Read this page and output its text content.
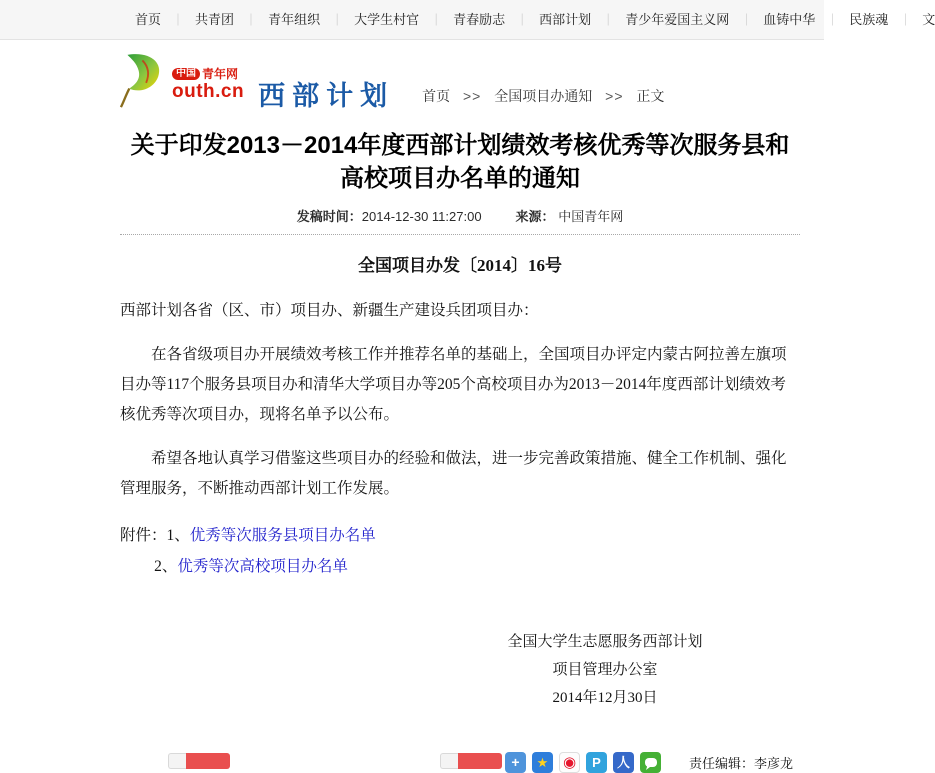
首页 ｜ 共青团 ｜ 青年组织 ｜ 大学生村官 ｜ 青春励志 ｜ 西部计划 ｜ 青少年爱国主义网 ｜ 血铸中华 ｜ 民族魂 ｜ 文
中国 青年网
outh.cn 西部计划 首页 >> 全国项目办通知 >> 正文
关于印发2013－2014年度西部计划绩效考核优秀等次服务县和高校项目办名单的通知
发稿时间：2014-12-30 11:27:00	来源： 中国青年网
全国项目办发〔2014〕16号
西部计划各省（区、市）项目办、新疆生产建设兵团项目办：
在各省级项目办开展绩效考核工作并推荐名单的基础上，全国项目办评定内蒙古阿拉善左旗项目办等117个服务县项目办和清华大学项目办等205个高校项目办为2013－2014年度西部计划绩效考核优秀等次项目办，现将名单予以公布。
希望各地认真学习借鉴这些项目办的经验和做法，进一步完善政策措施、健全工作机制、强化管理服务，不断推动西部计划工作发展。
附件：1、优秀等次服务县项目办名单
2、优秀等次高校项目办名单
全国大学生志愿服务西部计划
项目管理办公室
2014年12月30日
+ ★ ◉ P 人	责任编辑：李彦龙
